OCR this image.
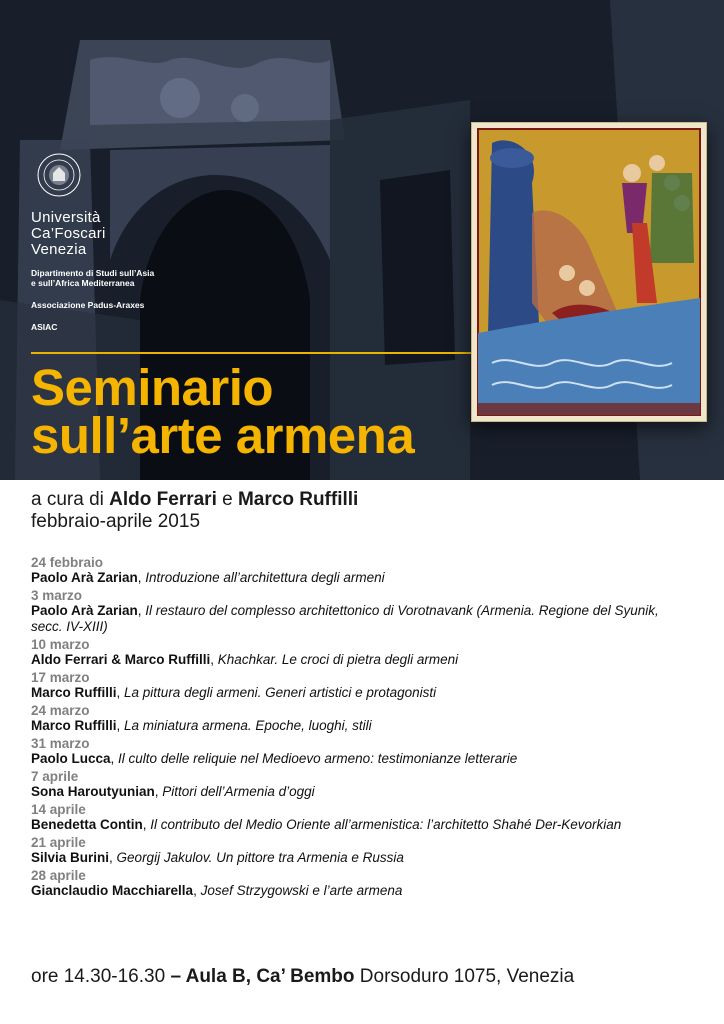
Università
Ca’Foscari
Venezia
Dipartimento di Studi sull’Asia e sull’Africa Mediterranea
Associazione Padus-Araxes
ASIAC
Seminario
sull’arte armena
a cura di Aldo Ferrari e Marco Ruffilli
febbraio-aprile 2015
24 febbraio
Paolo Arà Zarian, Introduzione all’architettura degli armeni
3 marzo
Paolo Arà Zarian, Il restauro del complesso architettonico di Vorotnavank (Armenia. Regione del Syunik, secc. IV-XIII)
10 marzo
Aldo Ferrari & Marco Ruffilli, Khachkar. Le croci di pietra degli armeni
17 marzo
Marco Ruffilli, La pittura degli armeni. Generi artistici e protagonisti
24 marzo
Marco Ruffilli, La miniatura armena. Epoche, luoghi, stili
31 marzo
Paolo Lucca, Il culto delle reliquie nel Medioevo armeno: testimonianze letterarie
7 aprile
Sona Haroutyunian, Pittori dell’Armenia d’oggi
14 aprile
Benedetta Contin, Il contributo del Medio Oriente all’armenistica: l’architetto Shahé Der-Kevorkian
21 aprile
Silvia Burini, Georgij Jakulov. Un pittore tra Armenia e Russia
28 aprile
Gianclaudio Macchiarella, Josef Strzygowski e l’arte armena
ore 14.30-16.30 – Aula B, Ca’ Bembo Dorsoduro 1075, Venezia
